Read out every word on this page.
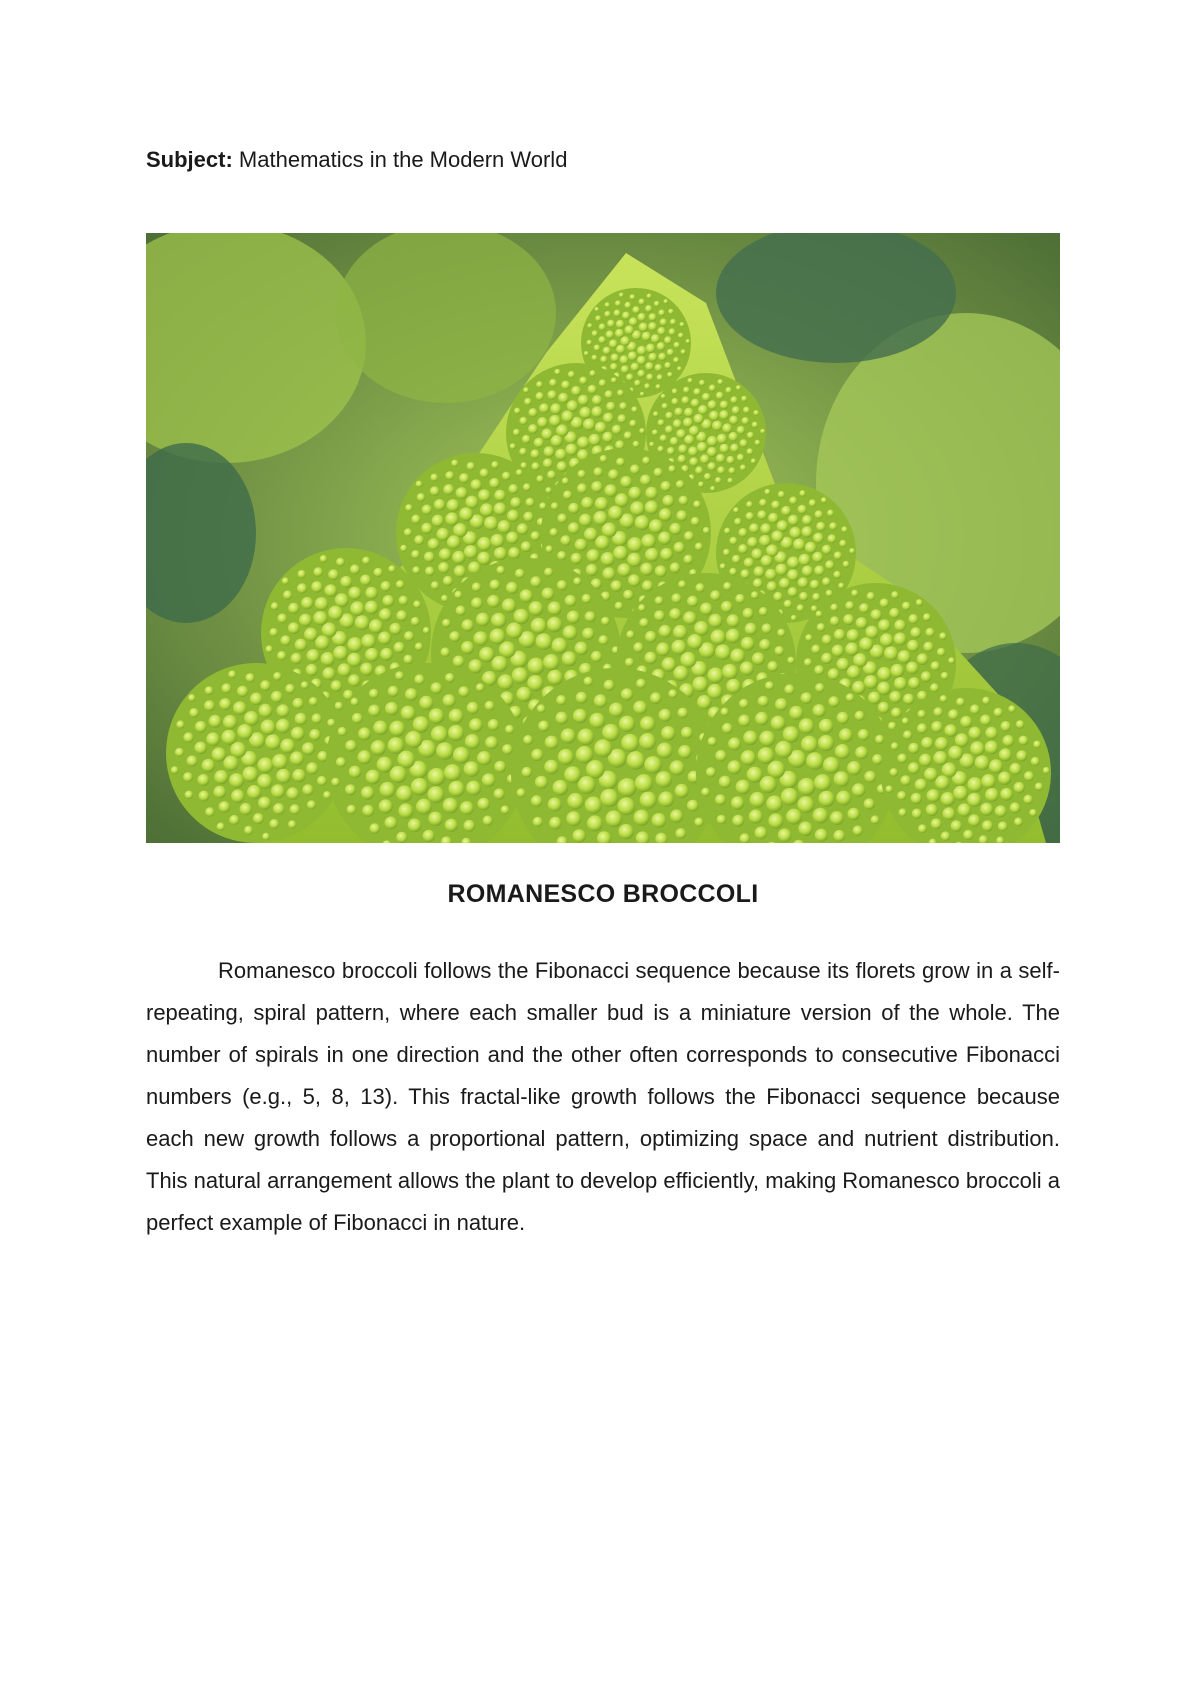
Subject: Mathematics in the Modern World
ROMANESCO BROCCOLI

Romanesco broccoli follows the Fibonacci sequence because its florets grow in a self-repeating, spiral pattern, where each smaller bud is a miniature version of the whole. The number of spirals in one direction and the other often corresponds to consecutive Fibonacci numbers (e.g., 5, 8, 13). This fractal-like growth follows the Fibonacci sequence because each new growth follows a proportional pattern, optimizing space and nutrient distribution. This natural arrangement allows the plant to develop efficiently, making Romanesco broccoli a perfect example of Fibonacci in nature.
